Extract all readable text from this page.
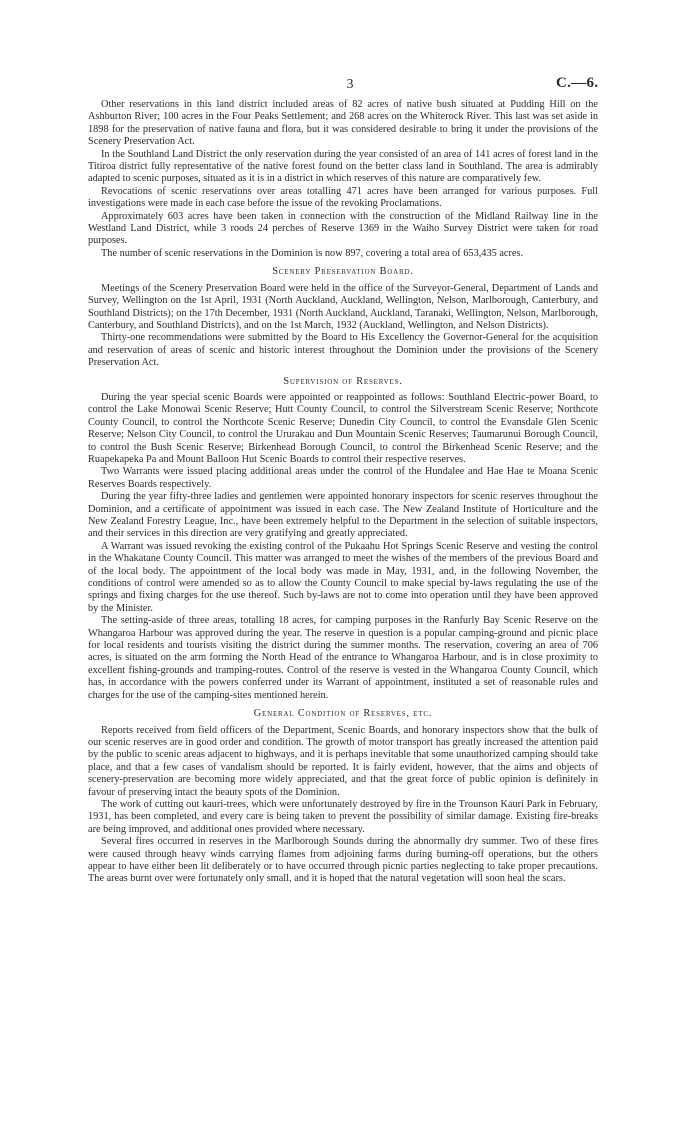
3	C.—6.

Other reservations in this land district included areas of 82 acres of native bush situated at Pudding Hill on the Ashburton River; 100 acres in the Four Peaks Settlement; and 268 acres on the Whiterock River. This last was set aside in 1898 for the preservation of native fauna and flora, but it was considered desirable to bring it under the provisions of the Scenery Preservation Act.

In the Southland Land District the only reservation during the year consisted of an area of 141 acres of forest land in the Titiroa district fully representative of the native forest found on the better class land in Southland. The area is admirably adapted to scenic purposes, situated as it is in a district in which reserves of this nature are comparatively few.

Revocations of scenic reservations over areas totalling 471 acres have been arranged for various purposes. Full investigations were made in each case before the issue of the revoking Proclamations.

Approximately 603 acres have been taken in connection with the construction of the Midland Railway line in the Westland Land District, while 3 roods 24 perches of Reserve 1369 in the Waiho Survey District were taken for road purposes.

The number of scenic reservations in the Dominion is now 897, covering a total area of 653,435 acres.

Scenery Preservation Board.

Meetings of the Scenery Preservation Board were held in the office of the Surveyor-General, Department of Lands and Survey, Wellington on the 1st April, 1931 (North Auckland, Auckland, Wellington, Nelson, Marlborough, Canterbury, and Southland Districts); on the 17th December, 1931 (North Auckland, Auckland, Taranaki, Wellington, Nelson, Marlborough, Canterbury, and Southland Districts), and on the 1st March, 1932 (Auckland, Wellington, and Nelson Districts).

Thirty-one recommendations were submitted by the Board to His Excellency the Governor-General for the acquisition and reservation of areas of scenic and historic interest throughout the Dominion under the provisions of the Scenery Preservation Act.

Supervision of Reserves.

During the year special scenic Boards were appointed or reappointed as follows: Southland Electric-power Board, to control the Lake Monowai Scenic Reserve; Hutt County Council, to control the Silverstream Scenic Reserve; Northcote County Council, to control the Northcote Scenic Reserve; Dunedin City Council, to control the Evansdale Glen Scenic Reserve; Nelson City Council, to control the Ururakau and Dun Mountain Scenic Reserves; Taumarunui Borough Council, to control the Bush Scenic Reserve; Birkenhead Borough Council, to control the Birkenhead Scenic Reserve; and the Ruapekapeka Pa and Mount Balloon Hut Scenic Boards to control their respective reserves.

Two Warrants were issued placing additional areas under the control of the Hundalee and Hae Hae te Moana Scenic Reserves Boards respectively.

During the year fifty-three ladies and gentlemen were appointed honorary inspectors for scenic reserves throughout the Dominion, and a certificate of appointment was issued in each case. The New Zealand Institute of Horticulture and the New Zealand Forestry League, Inc., have been extremely helpful to the Department in the selection of suitable inspectors, and their services in this direction are very gratifying and greatly appreciated.

A Warrant was issued revoking the existing control of the Pukaahu Hot Springs Scenic Reserve and vesting the control in the Whakatane County Council. This matter was arranged to meet the wishes of the members of the previous Board and of the local body. The appointment of the local body was made in May, 1931, and, in the following November, the conditions of control were amended so as to allow the County Council to make special by-laws regulating the use of the springs and fixing charges for the use thereof. Such by-laws are not to come into operation until they have been approved by the Minister.

The setting-aside of three areas, totalling 18 acres, for camping purposes in the Ranfurly Bay Scenic Reserve on the Whangaroa Harbour was approved during the year. The reserve in question is a popular camping-ground and picnic place for local residents and tourists visiting the district during the summer months. The reservation, covering an area of 706 acres, is situated on the arm forming the North Head of the entrance to Whangaroa Harbour, and is in close proximity to excellent fishing-grounds and tramping-routes. Control of the reserve is vested in the Whangaroa County Council, which has, in accordance with the powers conferred under its Warrant of appointment, instituted a set of reasonable rules and charges for the use of the camping-sites mentioned herein.

General Condition of Reserves, etc.

Reports received from field officers of the Department, Scenic Boards, and honorary inspectors show that the bulk of our scenic reserves are in good order and condition. The growth of motor transport has greatly increased the attention paid by the public to scenic areas adjacent to highways, and it is perhaps inevitable that some unauthorized camping should take place, and that a few cases of vandalism should be reported. It is fairly evident, however, that the aims and objects of scenery-preservation are becoming more widely appreciated, and that the great force of public opinion is definitely in favour of preserving intact the beauty spots of the Dominion.

The work of cutting out kauri-trees, which were unfortunately destroyed by fire in the Trounson Kauri Park in February, 1931, has been completed, and every care is being taken to prevent the possibility of similar damage. Existing fire-breaks are being improved, and additional ones provided where necessary.

Several fires occurred in reserves in the Marlborough Sounds during the abnormally dry summer. Two of these fires were caused through heavy winds carrying flames from adjoining farms during burning-off operations, but the others appear to have either been lit deliberately or to have occurred through picnic parties neglecting to take proper precautions. The areas burnt over were fortunately only small, and it is hoped that the natural vegetation will soon heal the scars.
